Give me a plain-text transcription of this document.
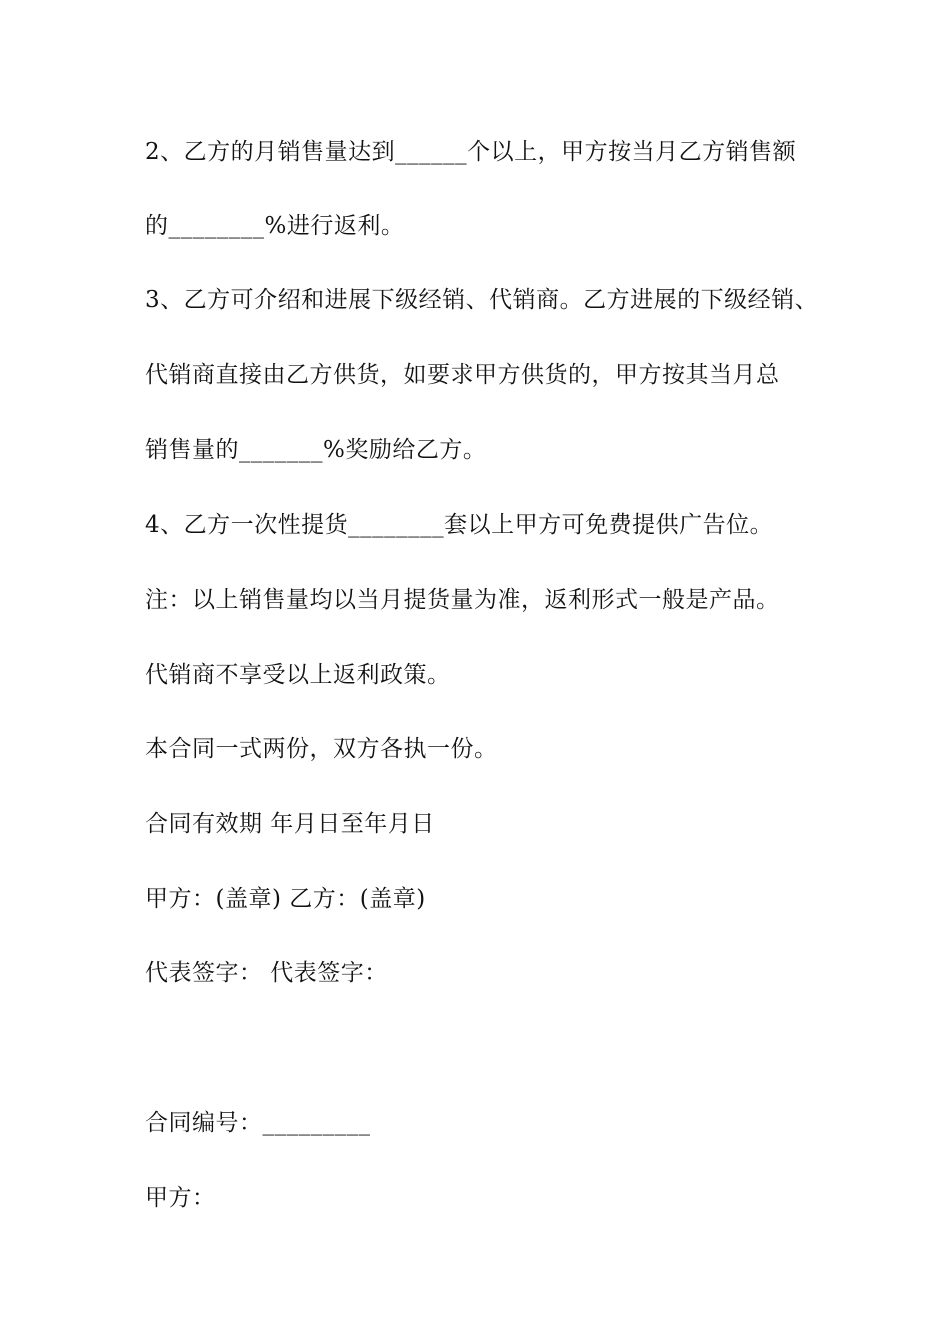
2、乙方的月销售量达到______个以上，甲方按当月乙方销售额
的________%进行返利。
3、乙方可介绍和进展下级经销、代销商。乙方进展的下级经销、
代销商直接由乙方供货，如要求甲方供货的，甲方按其当月总
销售量的_______%奖励给乙方。
4、乙方一次性提货________套以上甲方可免费提供广告位。
注：以上销售量均以当月提货量为准，返利形式一般是产品。
代销商不享受以上返利政策。
本合同一式两份，双方各执一份。
合同有效期 年月日至年月日
甲方：(盖章) 乙方：(盖章)
代表签字： 代表签字：
合同编号：_________
甲方：
